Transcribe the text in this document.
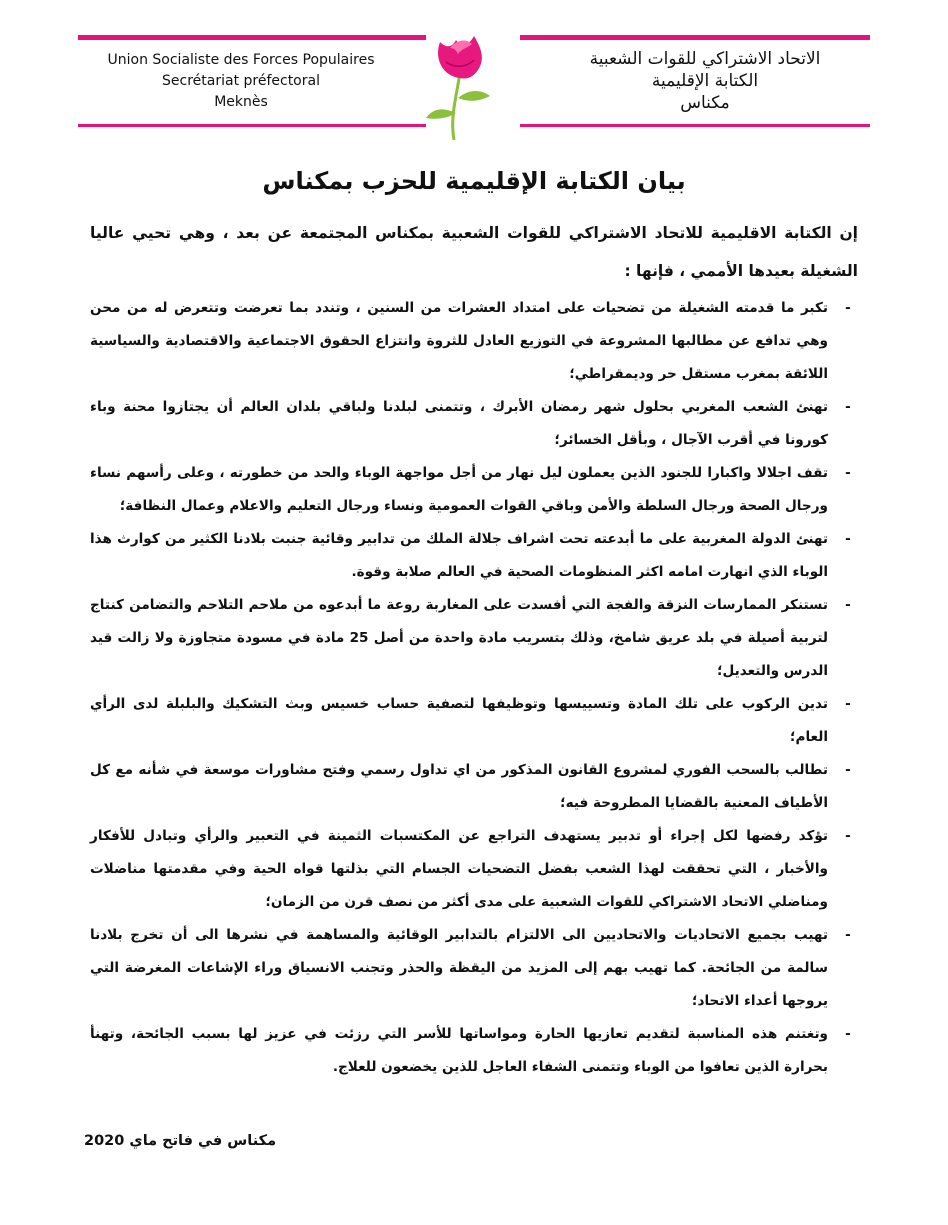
Union Socialiste des Forces Populaires
Secrétariat préfectoral
Meknès
الاتحاد الاشتراكي للقوات الشعبية
الكتابة الإقليمية
مكناس
بيان الكتابة الإقليمية للحزب بمكناس

إن الكتابة الاقليمية للاتحاد الاشتراكي للقوات الشعبية بمكناس المجتمعة عن بعد ، وهي تحيي عاليا الشغيلة بعيدها الأممي ، فإنها :

-
تكبر ما قدمته الشغيلة من تضحيات على امتداد العشرات من السنين ، وتندد بما تعرضت وتتعرض له من محن وهي تدافع عن مطالبها المشروعة في التوزيع العادل للثروة وانتزاع الحقوق الاجتماعية والاقتصادية والسياسية اللائقة بمغرب مستقل حر وديمقراطي؛
-
تهنئ الشعب المغربي بحلول شهر رمضان الأبرك ، وتتمنى لبلدنا ولباقي بلدان العالم أن يجتازوا محنة وباء كورونا في أقرب الآجال ، وبأقل الخسائر؛
-
تقف اجلالا واكبارا للجنود الذين يعملون ليل نهار من أجل مواجهة الوباء والحد من خطورته ، وعلى رأسهم نساء ورجال الصحة ورجال السلطة والأمن وباقي القوات العمومية ونساء ورجال التعليم والاعلام وعمال النظافة؛
-
تهنئ الدولة المغربية على ما أبدعته تحت اشراف جلالة الملك من تدابير وقائية جنبت بلادنا الكثير من كوارث هذا الوباء الذي انهارت امامه اكثر المنظومات الصحية في العالم صلابة وقوة.
-
تستنكر الممارسات النزقة والفجة التي أفسدت على المغاربة روعة ما أبدعوه من ملاحم التلاحم والتضامن كنتاج لتربية أصيلة في بلد عريق شامخ، وذلك بتسريب مادة واحدة من أصل 25 مادة في مسودة متجاوزة ولا زالت قيد الدرس والتعديل؛
-
تدين الركوب على تلك المادة وتسييسها وتوظيفها لتصفية حساب خسيس وبث التشكيك والبلبلة لدى الرأي العام؛
-
تطالب بالسحب الفوري لمشروع القانون المذكور من اي تداول رسمي وفتح مشاورات موسعة في شأنه مع كل الأطياف المعنية بالقضايا المطروحة فيه؛
-
تؤكد رفضها لكل إجراء أو تدبير يستهدف التراجع عن المكتسبات الثمينة في التعبير والرأي وتبادل للأفكار والأخبار ، التي تحققت لهذا الشعب بفضل التضحيات الجسام التي بذلتها قواه الحية وفي مقدمتها مناضلات ومناضلي الاتحاد الاشتراكي للقوات الشعبية على مدى أكثر من نصف قرن من الزمان؛
-
تهيب بجميع الاتحاديات والاتحاديين الى الالتزام بالتدابير الوقائية والمساهمة في نشرها الى أن تخرج بلادنا سالمة من الجائحة. كما تهيب بهم إلى المزيد من اليقظة والحذر وتجنب الانسياق وراء الإشاعات المغرضة التي يروجها أعداء الاتحاد؛
-
وتغتنم هذه المناسبة لتقديم تعازيها الحارة ومواساتها للأسر التي رزئت في عزيز لها بسبب الجائحة، وتهنأ بحرارة الذين تعافوا من الوباء وتتمنى الشفاء العاجل للذين يخضعون للعلاج.
مكناس في فاتح ماي 2020
